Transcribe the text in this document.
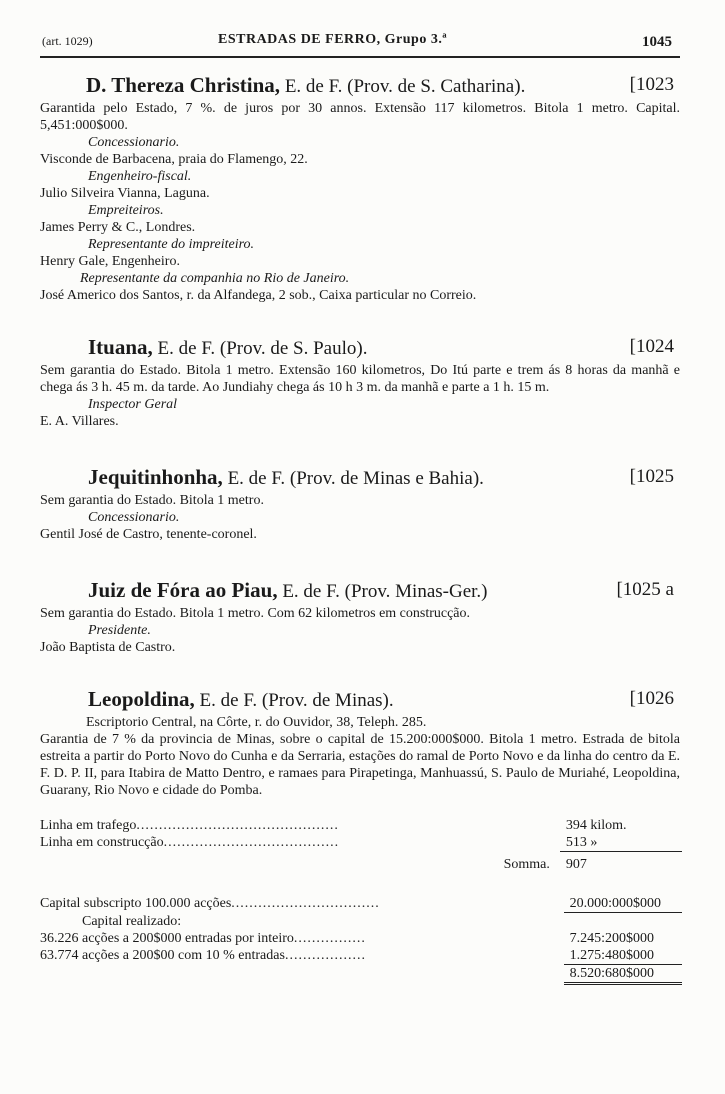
(art. 1029)	ESTRADAS DE FERRO, Grupo 3.ª	1045
D. Thereza Christina, E. de F. (Prov. de S. Catharina).	[1023
Garantida pelo Estado, 7 %. de juros por 30 annos. Extensão 117 kilometros. Bitola 1 metro. Capital. 5,451:000$000.
Concessionario.
Visconde de Barbacena, praia do Flamengo, 22.
Engenheiro-fiscal.
Julio Silveira Vianna, Laguna.
Empreiteiros.
James Perry & C., Londres.
Representante do impreiteiro.
Henry Gale, Engenheiro.
Representante da companhia no Rio de Janeiro.
José Americo dos Santos, r. da Alfandega, 2 sob., Caixa particular no Correio.
Ituana, E. de F. (Prov. de S. Paulo).	[1024
Sem garantia do Estado. Bitola 1 metro. Extensão 160 kilometros, Do Itú parte e trem ás 8 horas da manhã e chega ás 3 h. 45 m. da tarde. Ao Jundiahy chega ás 10 h 3 m. da manhã e parte a 1 h. 15 m.
Inspector Geral
E. A. Villares.
Jequitinhonha, E. de F. (Prov. de Minas e Bahia).	[1025
Sem garantia do Estado. Bitola 1 metro.
Concessionario.
Gentil José de Castro, tenente-coronel.
Juiz de Fóra ao Piau, E. de F. (Prov. Minas-Ger.)	[1025 a
Sem garantia do Estado. Bitola 1 metro. Com 62 kilometros em construcção.
Presidente.
João Baptista de Castro.
Leopoldina, E. de F. (Prov. de Minas).	[1026
Escriptorio Central, na Côrte, r. do Ouvidor, 38, Teleph. 285.
Garantia de 7 % da provincia de Minas, sobre o capital de 15.200:000$000. Bitola 1 metro. Estrada de bitola estreita a partir do Porto Novo do Cunha e da Serraria, estações do ramal de Porto Novo e da linha do centro da E. F. D. P. II, para Itabira de Matto Dentro, e ramaes para Pirapetinga, Manhuassú, S. Paulo de Muriahé, Leopoldina, Guarany, Rio Novo e cidade do Pomba.
Linha em trafego.............................................	394 kilom.
Linha em construcção.......................................	513 »
Somma.	907
Capital subscripto 100.000 acções.................................	20.000:000$000
Capital realizado:	
36.226 acções a 200$000 entradas por inteiro................	7.245:200$000
63.774 acções a 200$00 com 10 % entradas..................	1.275:480$000
	8.520:680$000
